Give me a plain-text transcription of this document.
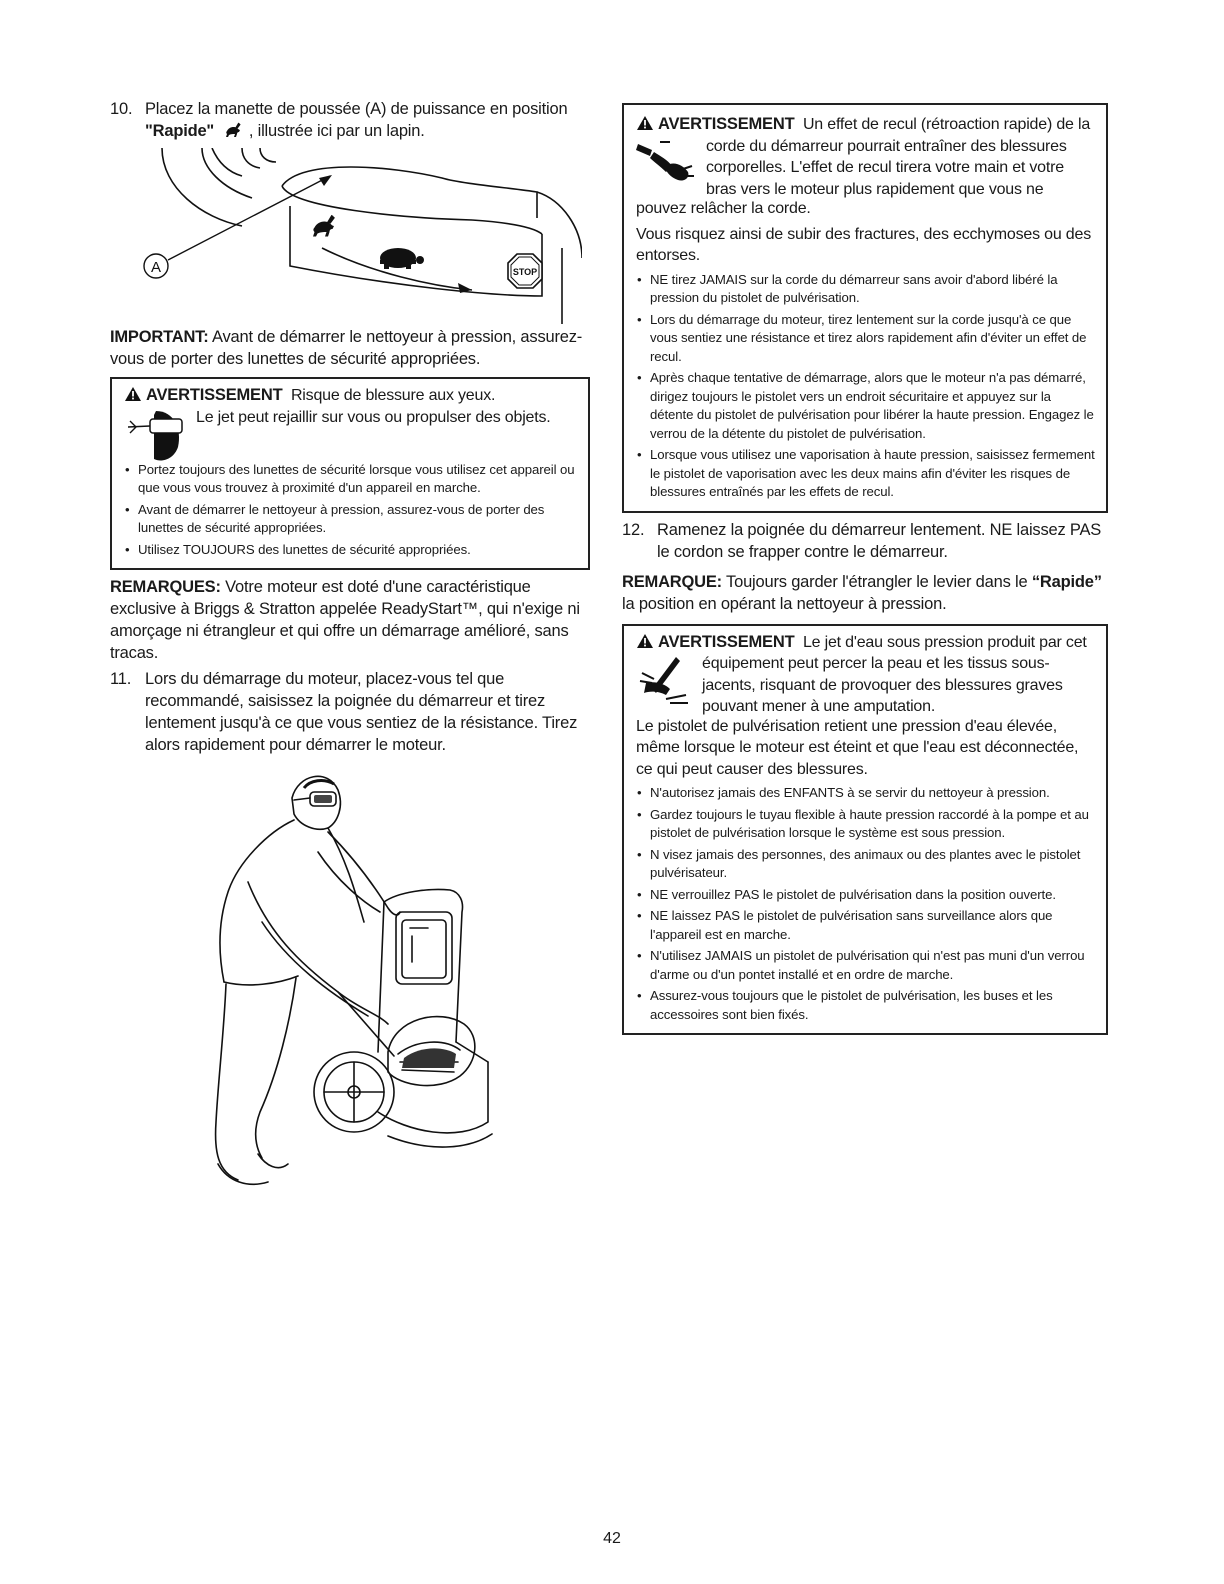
10. Placez la manette de poussée (A) de puissance en position
"Rapide" , illustrée ici par un lapin.
STOP
A
IMPORTANT: Avant de démarrer le nettoyeur à pression, assurez-vous de porter des lunettes de sécurité appropriées.
AVERTISSEMENT Risque de blessure aux yeux.
Le jet peut rejaillir sur vous ou propulser des objets.
• Portez toujours des lunettes de sécurité lorsque vous utilisez cet appareil ou que vous vous trouvez à proximité d'un appareil en marche.
• Avant de démarrer le nettoyeur à pression, assurez-vous de porter des lunettes de sécurité appropriées.
• Utilisez TOUJOURS des lunettes de sécurité appropriées.
REMARQUES: Votre moteur est doté d'une caractéristique exclusive à Briggs & Stratton appelée ReadyStart™, qui n'exige ni amorçage ni étrangleur et qui offre un démarrage amélioré, sans tracas.
11. Lors du démarrage du moteur, placez-vous tel que recommandé, saisissez la poignée du démarreur et tirez lentement jusqu'à ce que vous sentiez de la résistance. Tirez alors rapidement pour démarrer le moteur.
AVERTISSEMENT Un effet de recul (rétroaction rapide) de la
corde du démarreur pourrait entraîner des blessures
corporelles. L'effet de recul tirera votre main et votre
bras vers le moteur plus rapidement que vous ne
pouvez relâcher la corde.
Vous risquez ainsi de subir des fractures, des ecchymoses ou des entorses.
• NE tirez JAMAIS sur la corde du démarreur sans avoir d'abord libéré la pression du pistolet de pulvérisation.
• Lors du démarrage du moteur, tirez lentement sur la corde jusqu'à ce que vous sentiez une résistance et tirez alors rapidement afin d'éviter un effet de recul.
• Après chaque tentative de démarrage, alors que le moteur n'a pas démarré, dirigez toujours le pistolet vers un endroit sécuritaire et appuyez sur la détente du pistolet de pulvérisation pour libérer la haute pression. Engagez le verrou de la détente du pistolet de pulvérisation.
• Lorsque vous utilisez une vaporisation à haute pression, saisissez fermement le pistolet de vaporisation avec les deux mains afin d'éviter les risques de blessures entraînés par les effets de recul.
12. Ramenez la poignée du démarreur lentement. NE laissez PAS le cordon se frapper contre le démarreur.
REMARQUE: Toujours garder l'étrangler le levier dans le “Rapide” la position en opérant la nettoyeur à pression.
AVERTISSEMENT Le jet d'eau sous pression produit par cet
équipement peut percer la peau et les tissus sous-
jacents, risquant de provoquer des blessures graves
pouvant mener à une amputation.
Le pistolet de pulvérisation retient une pression d'eau élevée, même lorsque le moteur est éteint et que l'eau est déconnectée, ce qui peut causer des blessures.
• N'autorisez jamais des ENFANTS à se servir du nettoyeur à pression.
• Gardez toujours le tuyau flexible à haute pression raccordé à la pompe et au pistolet de pulvérisation lorsque le système est sous pression.
• N visez jamais des personnes, des animaux ou des plantes avec le pistolet pulvérisateur.
• NE verrouillez PAS le pistolet de pulvérisation dans la position ouverte.
• NE laissez PAS le pistolet de pulvérisation sans surveillance alors que l'appareil est en marche.
• N'utilisez JAMAIS un pistolet de pulvérisation qui n'est pas muni d'un verrou d'arme ou d'un pontet installé et en ordre de marche.
• Assurez-vous toujours que le pistolet de pulvérisation, les buses et les accessoires sont bien fixés.
42
